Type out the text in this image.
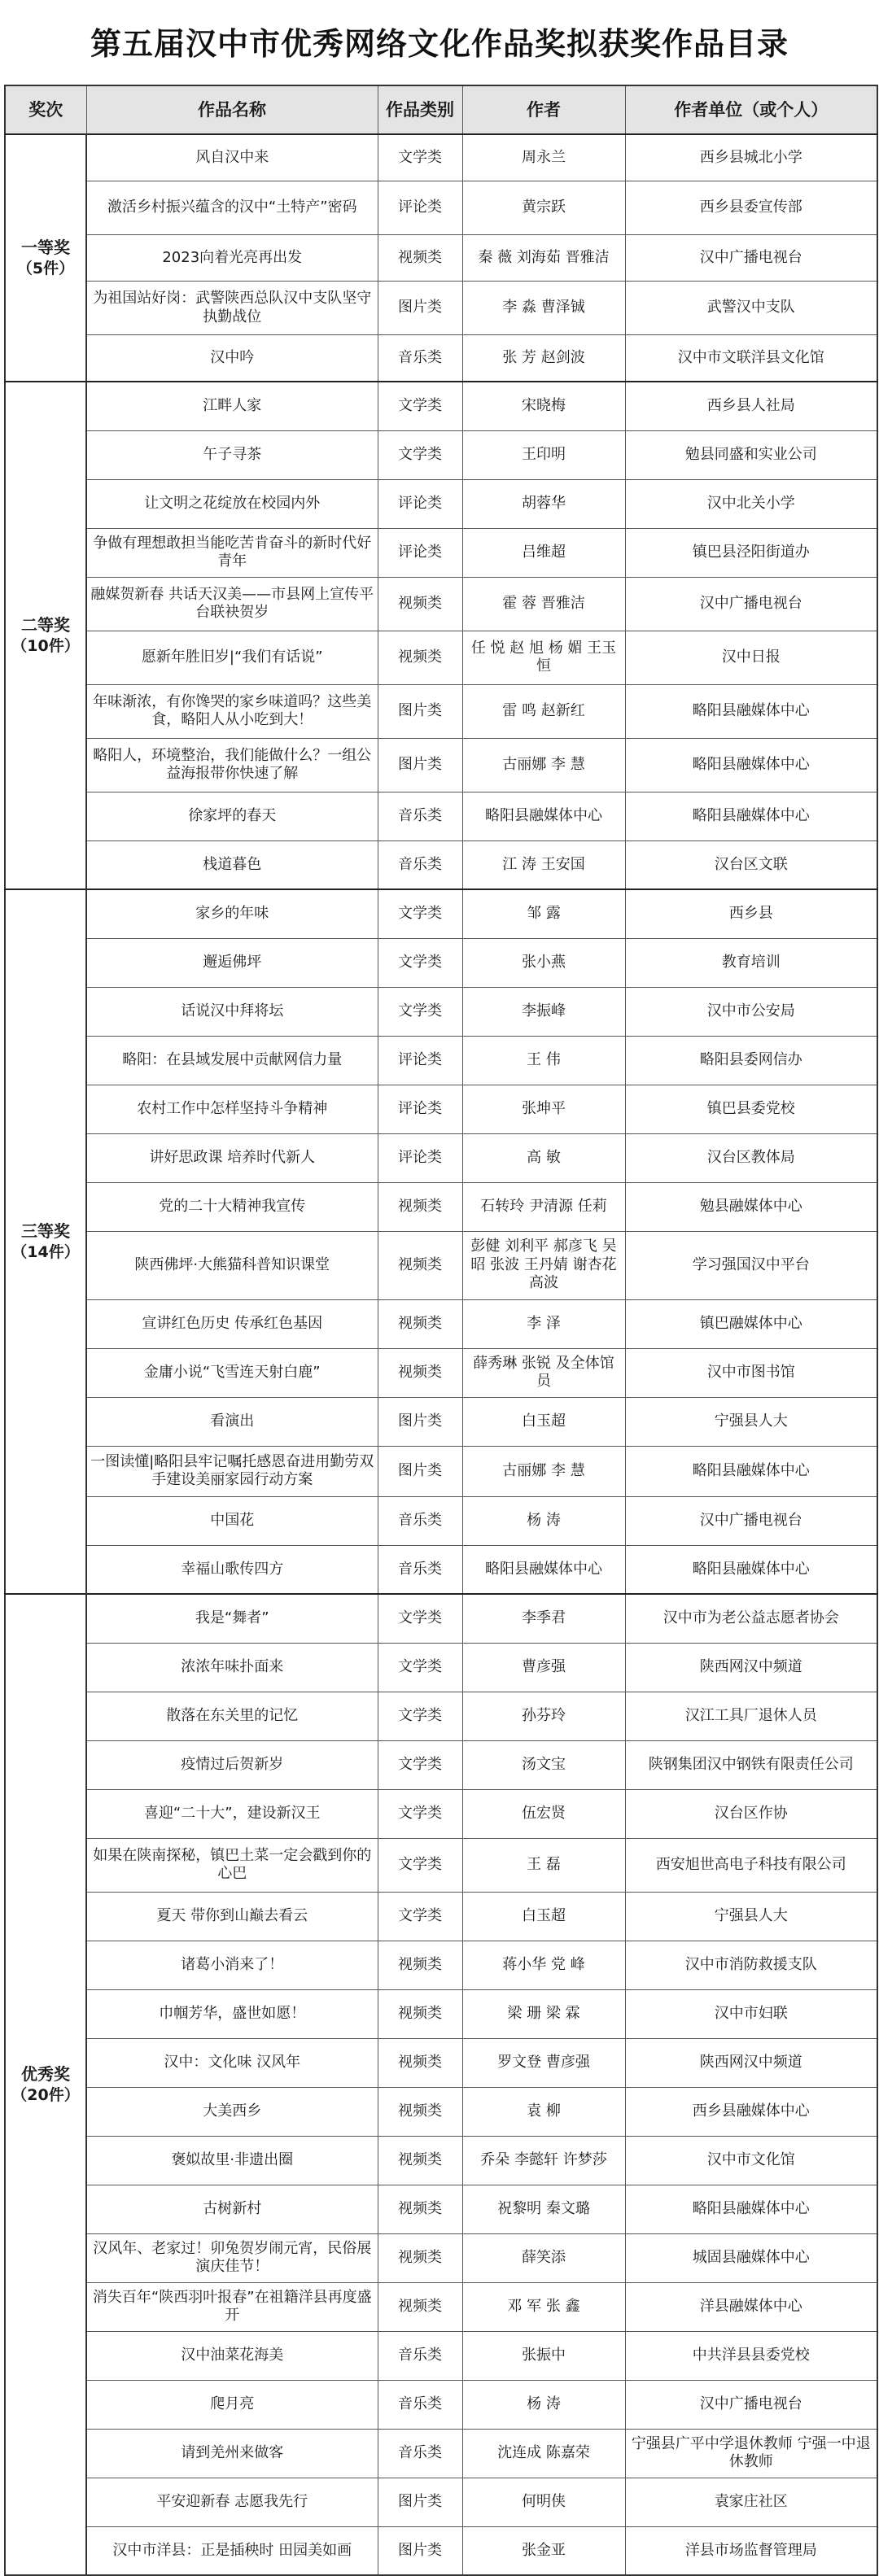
第五届汉中市优秀网络文化作品奖拟获奖作品目录
奖次	作品名称	作品类别	作者	作者单位（或个人）

一等奖
（5件）	风自汉中来	文学类	周永兰	西乡县城北小学
	激活乡村振兴蕴含的汉中“土特产”密码	评论类	黄宗跃	西乡县委宣传部
	2023向着光亮再出发	视频类	秦 薇 刘海茹 晋雅洁	汉中广播电视台
	为祖国站好岗：武警陕西总队汉中支队坚守执勤战位	图片类	李 淼 曹泽铖	武警汉中支队
	汉中吟	音乐类	张 芳 赵剑波	汉中市文联洋县文化馆

二等奖
（10件）	江畔人家	文学类	宋晓梅	西乡县人社局
	午子寻茶	文学类	王印明	勉县同盛和实业公司
	让文明之花绽放在校园内外	评论类	胡蓉华	汉中北关小学
	争做有理想敢担当能吃苦肯奋斗的新时代好青年	评论类	吕维超	镇巴县泾阳街道办
	融媒贺新春 共话天汉美——市县网上宣传平台联袂贺岁	视频类	霍 蓉 晋雅洁	汉中广播电视台
	愿新年胜旧岁|“我们有话说”	视频类	任 悦 赵 旭 杨 媚 王玉恒	汉中日报
	年味渐浓，有你馋哭的家乡味道吗？这些美食，略阳人从小吃到大！	图片类	雷 鸣 赵新红	略阳县融媒体中心
	略阳人，环境整治，我们能做什么？一组公益海报带你快速了解	图片类	古丽娜 李 慧	略阳县融媒体中心
	徐家坪的春天	音乐类	略阳县融媒体中心	略阳县融媒体中心
	栈道暮色	音乐类	江 涛 王安国	汉台区文联

三等奖
（14件）	家乡的年味	文学类	邹 露	西乡县
	邂逅佛坪	文学类	张小燕	教育培训
	话说汉中拜将坛	文学类	李振峰	汉中市公安局
	略阳：在县域发展中贡献网信力量	评论类	王 伟	略阳县委网信办
	农村工作中怎样坚持斗争精神	评论类	张坤平	镇巴县委党校
	讲好思政课 培养时代新人	评论类	高 敏	汉台区教体局
	党的二十大精神我宣传	视频类	石转玲 尹清源 任莉	勉县融媒体中心
	陕西佛坪·大熊猫科普知识课堂	视频类	彭健 刘利平 郝彦飞 吴昭 张波 王丹婧 谢杏花 高波	学习强国汉中平台
	宣讲红色历史 传承红色基因	视频类	李 泽	镇巴融媒体中心
	金庸小说“飞雪连天射白鹿”	视频类	薛秀琳 张锐 及全体馆员	汉中市图书馆
	看演出	图片类	白玉超	宁强县人大
	一图读懂|略阳县牢记嘱托感恩奋进用勤劳双手建设美丽家园行动方案	图片类	古丽娜 李 慧	略阳县融媒体中心
	中国花	音乐类	杨 涛	汉中广播电视台
	幸福山歌传四方	音乐类	略阳县融媒体中心	略阳县融媒体中心

优秀奖
（20件）	我是“舞者”	文学类	李季君	汉中市为老公益志愿者协会
	浓浓年味扑面来	文学类	曹彦强	陕西网汉中频道
	散落在东关里的记忆	文学类	孙芬玲	汉江工具厂退休人员
	疫情过后贺新岁	文学类	汤文宝	陕钢集团汉中钢铁有限责任公司
	喜迎“二十大”，建设新汉王	文学类	伍宏贤	汉台区作协
	如果在陕南探秘，镇巴土菜一定会戳到你的心巴	文学类	王 磊	西安旭世高电子科技有限公司
	夏天 带你到山巅去看云	文学类	白玉超	宁强县人大
	诸葛小消来了！	视频类	蒋小华 党 峰	汉中市消防救援支队
	巾帼芳华，盛世如愿！	视频类	梁 珊 梁 霖	汉中市妇联
	汉中：文化味 汉风年	视频类	罗文登 曹彦强	陕西网汉中频道
	大美西乡	视频类	袁 柳	西乡县融媒体中心
	褒姒故里·非遗出圈	视频类	乔朵 李懿轩 许梦莎	汉中市文化馆
	古树新村	视频类	祝黎明 秦文璐	略阳县融媒体中心
	汉风年、老家过！卯兔贺岁闹元宵，民俗展演庆佳节！	视频类	薛笑添	城固县融媒体中心
	消失百年“陕西羽叶报春”在祖籍洋县再度盛开	视频类	邓 军 张 鑫	洋县融媒体中心
	汉中油菜花海美	音乐类	张振中	中共洋县县委党校
	爬月亮	音乐类	杨 涛	汉中广播电视台
	请到羌州来做客	音乐类	沈连成 陈嘉荣	宁强县广平中学退休教师 宁强一中退休教师
	平安迎新春 志愿我先行	图片类	何明侠	袁家庄社区
	汉中市洋县：正是插秧时 田园美如画	图片类	张金亚	洋县市场监督管理局
